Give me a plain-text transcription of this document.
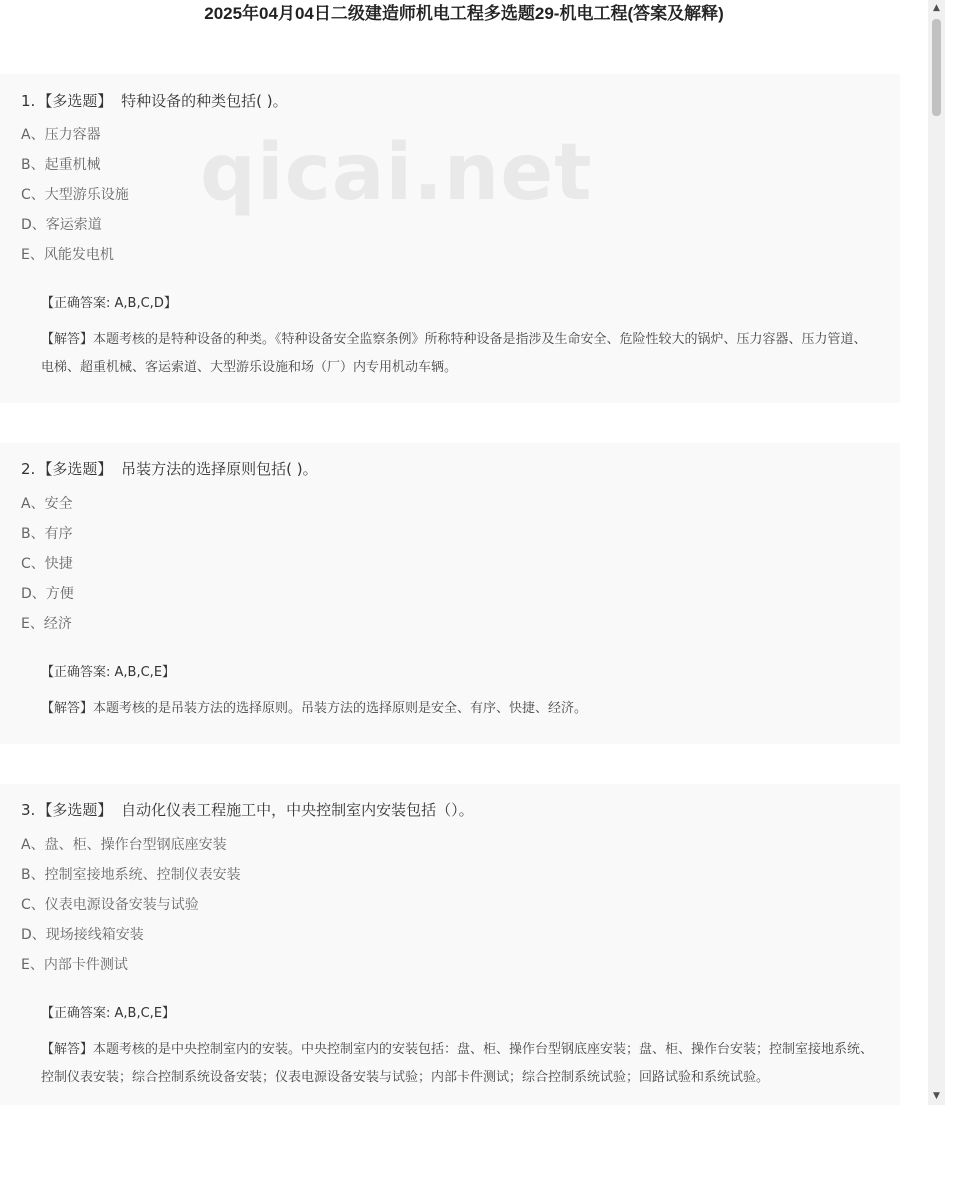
2025年04月04日二级建造师机电工程多选题29-机电工程(答案及解释)
1. 【多选题】 特种设备的种类包括( )。
A、压力容器
B、起重机械
C、大型游乐设施
D、客运索道
E、风能发电机
【正确答案: A,B,C,D】
【解答】本题考核的是特种设备的种类。《特种设备安全监察条例》所称特种设备是指涉及生命安全、危险性较大的锅炉、压力容器、压力管道、电梯、超重机械、客运索道、大型游乐设施和场（厂）内专用机动车辆。
2. 【多选题】 吊装方法的选择原则包括( )。
A、安全
B、有序
C、快捷
D、方便
E、经济
【正确答案: A,B,C,E】
【解答】本题考核的是吊装方法的选择原则。吊装方法的选择原则是安全、有序、快捷、经济。
3. 【多选题】 自动化仪表工程施工中，中央控制室内安装包括（）。
A、盘、柜、操作台型钢底座安装
B、控制室接地系统、控制仪表安装
C、仪表电源设备安装与试验
D、现场接线箱安装
E、内部卡件测试
【正确答案: A,B,C,E】
【解答】本题考核的是中央控制室内的安装。中央控制室内的安装包括：盘、柜、操作台型钢底座安装；盘、柜、操作台安装；控制室接地系统、控制仪表安装；综合控制系统设备安装；仪表电源设备安装与试验；内部卡件测试；综合控制系统试验；回路试验和系统试验。
▲
▼
